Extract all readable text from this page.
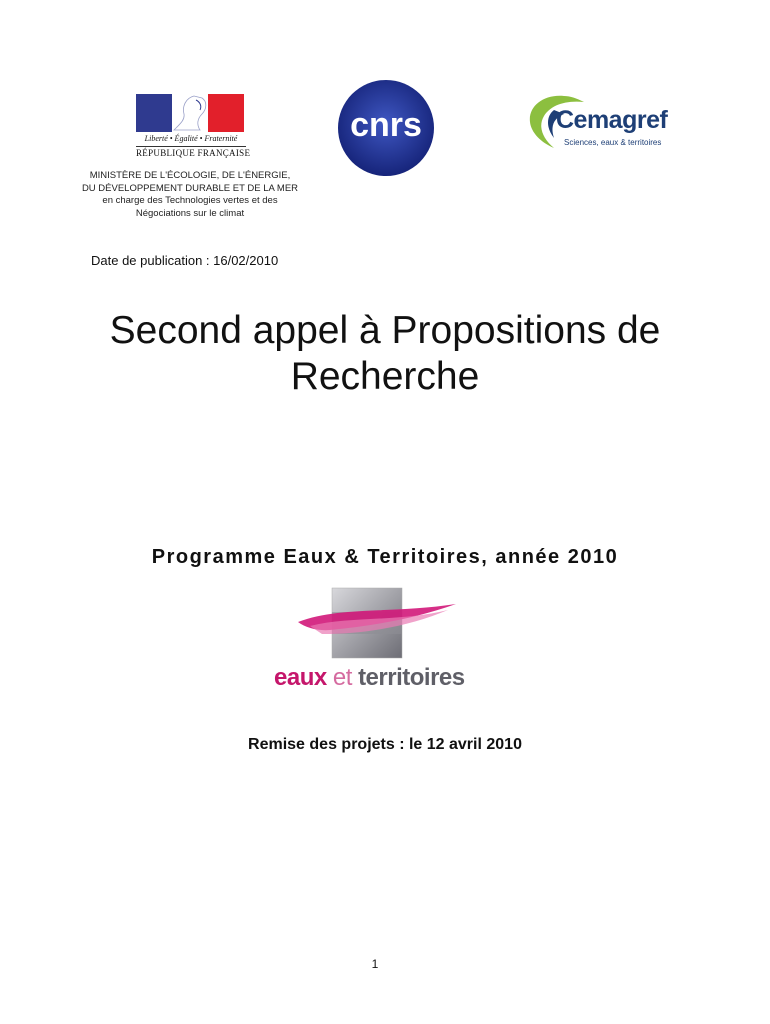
Liberté • Égalité • Fraternité
RÉPUBLIQUE FRANÇAISE
MINISTÈRE DE L'ÉCOLOGIE, DE L'ÉNERGIE,
DU DÉVELOPPEMENT DURABLE ET DE LA MER
en charge des Technologies vertes et des
Négociations sur le climat
cnrs	Cemagref
Sciences, eaux & territoires
Date de publication : 16/02/2010
Second appel à Propositions de
Recherche
Programme Eaux & Territoires, année 2010
eaux et territoires
Remise des projets : le 12 avril 2010
1
